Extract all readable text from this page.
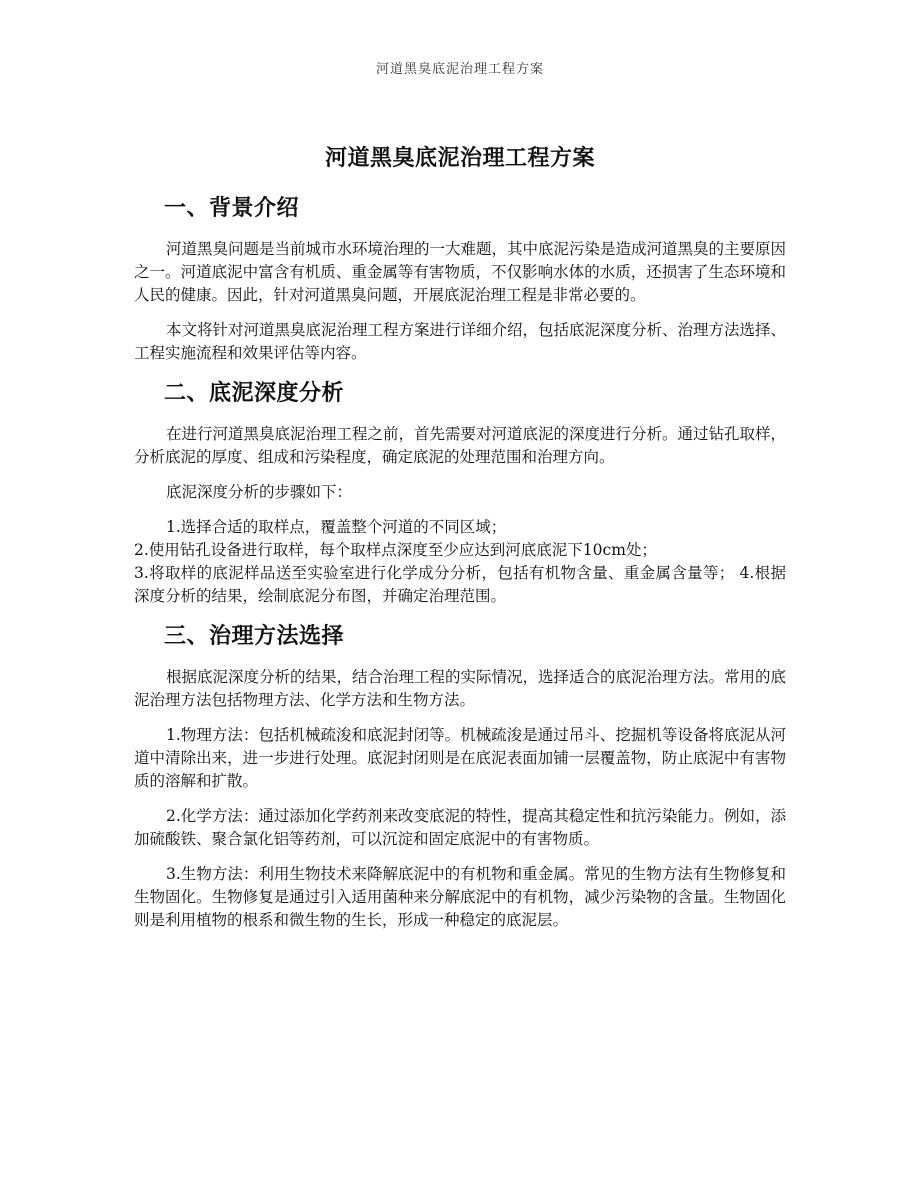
河道黑臭底泥治理工程方案
河道黑臭底泥治理工程方案
一、背景介绍

河道黑臭问题是当前城市水环境治理的一大难题，其中底泥污染是造成河道黑臭的主要原因之一。河道底泥中富含有机质、重金属等有害物质，不仅影响水体的水质，还损害了生态环境和人民的健康。因此，针对河道黑臭问题，开展底泥治理工程是非常必要的。

本文将针对河道黑臭底泥治理工程方案进行详细介绍，包括底泥深度分析、治理方法选择、工程实施流程和效果评估等内容。

二、底泥深度分析

在进行河道黑臭底泥治理工程之前，首先需要对河道底泥的深度进行分析。通过钻孔取样，分析底泥的厚度、组成和污染程度，确定底泥的处理范围和治理方向。

底泥深度分析的步骤如下：

1.选择合适的取样点，覆盖整个河道的不同区域；

2.使用钻孔设备进行取样，每个取样点深度至少应达到河底底泥下10cm处；

3.将取样的底泥样品送至实验室进行化学成分分析，包括有机物含量、重金属含量等； 4.根据深度分析的结果，绘制底泥分布图，并确定治理范围。

三、治理方法选择

根据底泥深度分析的结果，结合治理工程的实际情况，选择适合的底泥治理方法。常用的底泥治理方法包括物理方法、化学方法和生物方法。

1.物理方法：包括机械疏浚和底泥封闭等。机械疏浚是通过吊斗、挖掘机等设备将底泥从河道中清除出来，进一步进行处理。底泥封闭则是在底泥表面加铺一层覆盖物，防止底泥中有害物质的溶解和扩散。

2.化学方法：通过添加化学药剂来改变底泥的特性，提高其稳定性和抗污染能力。例如，添加硫酸铁、聚合氯化铝等药剂，可以沉淀和固定底泥中的有害物质。

3.生物方法：利用生物技术来降解底泥中的有机物和重金属。常见的生物方法有生物修复和生物固化。生物修复是通过引入适用菌种来分解底泥中的有机物，减少污染物的含量。生物固化则是利用植物的根系和微生物的生长，形成一种稳定的底泥层。
